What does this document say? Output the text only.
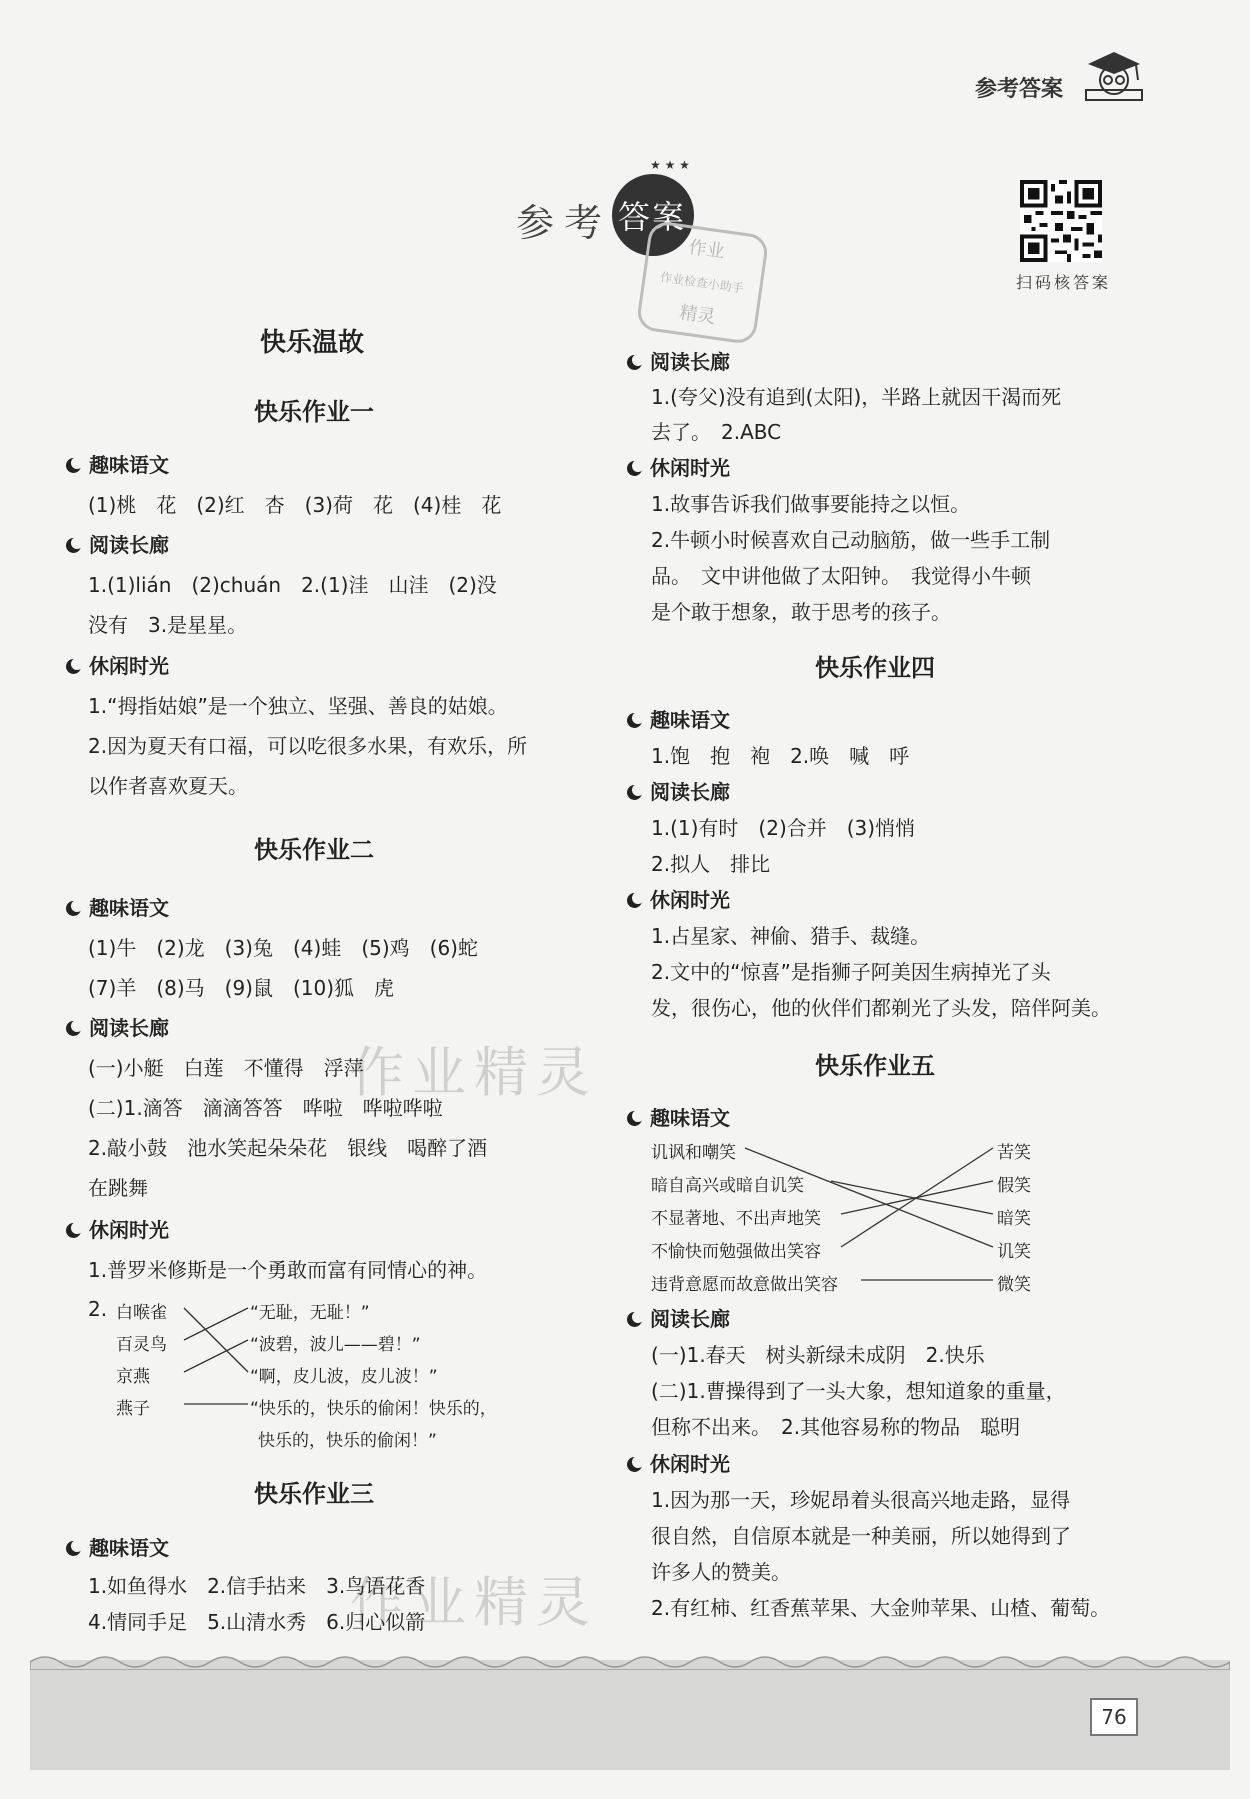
参考答案
参考 答案
★ ★ ★
作业
作业检查小助手
精灵
扫码核答案
作业精灵
作业精灵
快乐温故
快乐作业一
趣味语文
(1)桃　花　(2)红　杏　(3)荷　花　(4)桂　花
阅读长廊
1.(1)lián　(2)chuán　2.(1)洼　山洼　(2)没
没有　3.是星星。
休闲时光
1.“拇指姑娘”是一个独立、坚强、善良的姑娘。
2.因为夏天有口福，可以吃很多水果，有欢乐，所
以作者喜欢夏天。
快乐作业二
趣味语文
(1)牛　(2)龙　(3)兔　(4)蛙　(5)鸡　(6)蛇
(7)羊　(8)马　(9)鼠　(10)狐　虎
阅读长廊
(一)小艇　白莲　不懂得　浮萍
(二)1.滴答　滴滴答答　哗啦　哗啦哗啦
2.敲小鼓　池水笑起朵朵花　银线　喝醉了酒
在跳舞
休闲时光
1.普罗米修斯是一个勇敢而富有同情心的神。
2. 白喉雀
百灵鸟
京燕
燕子
“无耻，无耻！”
“波碧，波儿——碧！”
“啊，皮儿波，皮儿波！”
“快乐的，快乐的偷闲！快乐的，
快乐的，快乐的偷闲！”
快乐作业三
趣味语文
1.如鱼得水　2.信手拈来　3.鸟语花香
4.情同手足　5.山清水秀　6.归心似箭
阅读长廊
1.(夸父)没有追到(太阳)，半路上就因干渴而死
去了。　2.ABC
休闲时光
1.故事告诉我们做事要能持之以恒。
2.牛顿小时候喜欢自己动脑筋，做一些手工制
品。　文中讲他做了太阳钟。　我觉得小牛顿
是个敢于想象，敢于思考的孩子。
快乐作业四
趣味语文
1.饱　抱　袍　2.唤　喊　呼
阅读长廊
1.(1)有时　(2)合并　(3)悄悄
2.拟人　排比
休闲时光
1.占星家、神偷、猎手、裁缝。
2.文中的“惊喜”是指狮子阿美因生病掉光了头
发，很伤心，他的伙伴们都剃光了头发，陪伴阿美。
快乐作业五
趣味语文
讥讽和嘲笑
暗自高兴或暗自讥笑
不显著地、不出声地笑
不愉快而勉强做出笑容
违背意愿而故意做出笑容
苦笑
假笑
暗笑
讥笑
微笑
阅读长廊
(一)1.春天　树头新绿未成阴　2.快乐
(二)1.曹操得到了一头大象，想知道象的重量，
但称不出来。　2.其他容易称的物品　聪明
休闲时光
1.因为那一天，珍妮昂着头很高兴地走路，显得
很自然，自信原本就是一种美丽，所以她得到了
许多人的赞美。
2.有红柿、红香蕉苹果、大金帅苹果、山楂、葡萄。
76
